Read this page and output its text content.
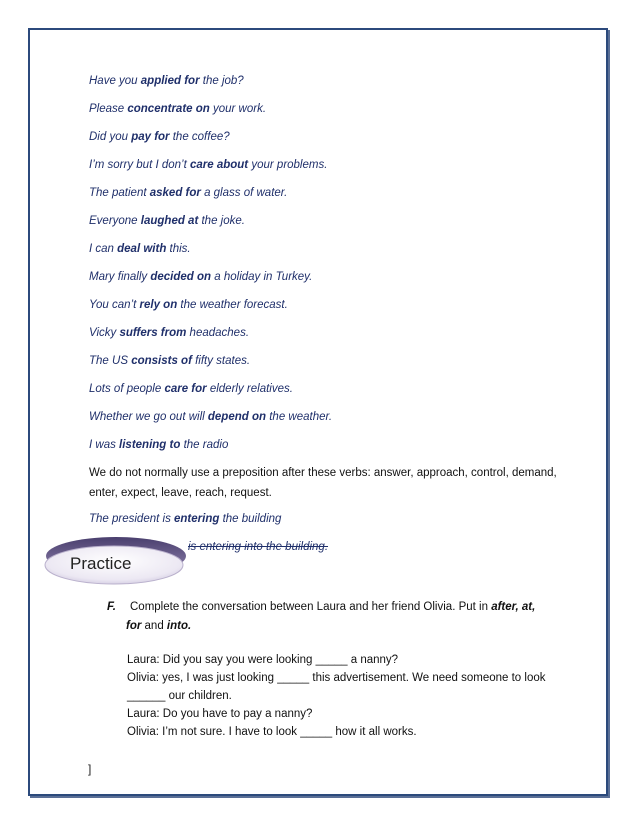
Have you applied for the job?

Please concentrate on your work.

Did you pay for the coffee?

I’m sorry but I don’t care about your problems.

The patient asked for a glass of water.

Everyone laughed at the joke.

I can deal with this.

Mary finally decided on a holiday in Turkey.

You can’t rely on the weather forecast.

Vicky suffers from headaches.

The US consists of fifty states.

Lots of people care for elderly relatives.

Whether we go out will depend on the weather.

I was listening to the radio

We do not normally use a preposition after these verbs: answer, approach, control, demand, enter, expect, leave, reach, request.

The president is entering the building

is entering into the building.

Practice
F. Complete the conversation between Laura and her friend Olivia. Put in after, at,
for and into.
Laura: Did you say you were looking _____ a nanny?
Olivia: yes, I was just looking _____ this advertisement. We need someone to look
______ our children.
Laura: Do you have to pay a nanny?
Olivia: I’m not sure. I have to look _____ how it all works.
]
